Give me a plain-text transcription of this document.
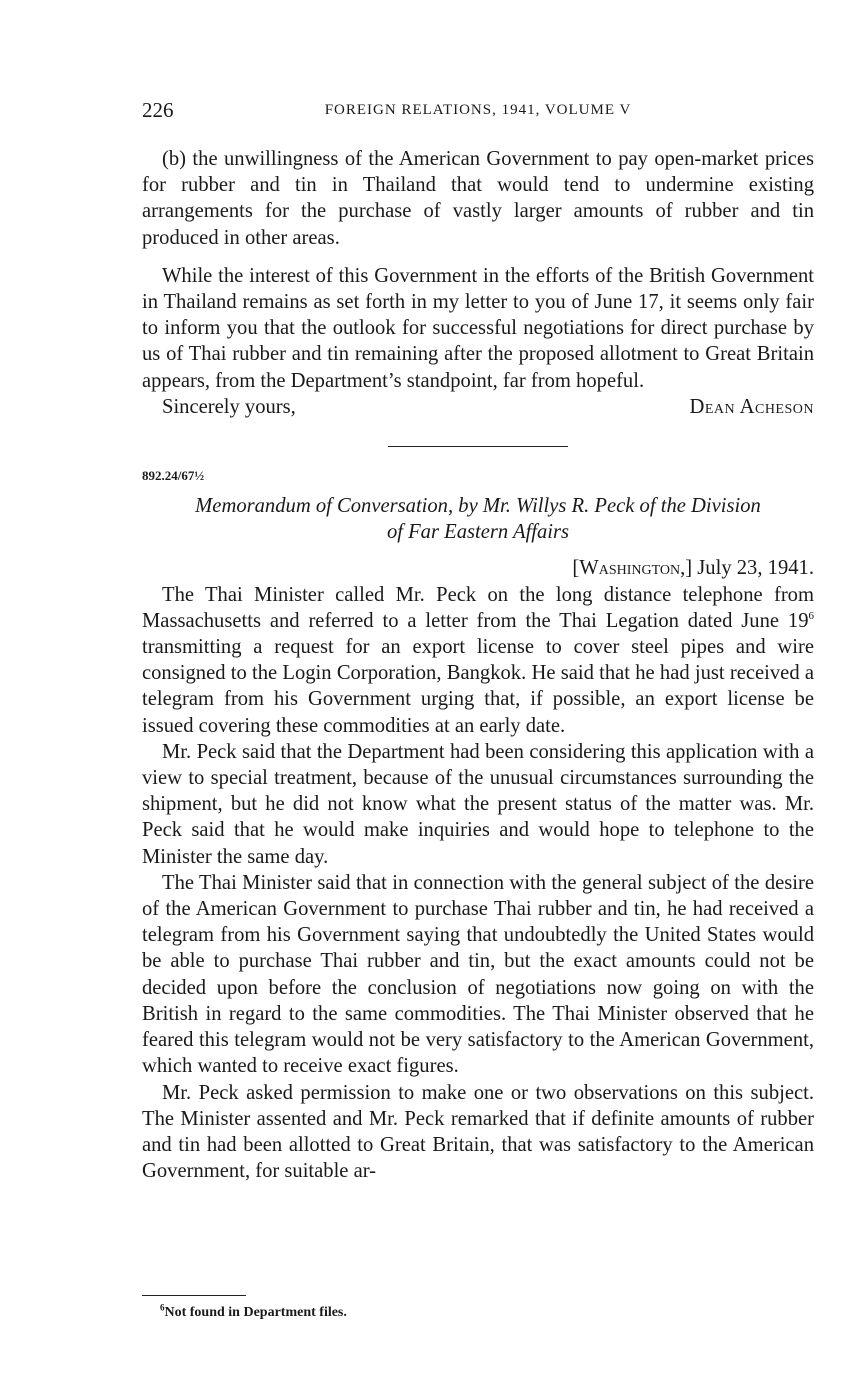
226	FOREIGN RELATIONS, 1941, VOLUME V

(b) the unwillingness of the American Government to pay open-market prices for rubber and tin in Thailand that would tend to undermine existing arrangements for the purchase of vastly larger amounts of rubber and tin produced in other areas.

While the interest of this Government in the efforts of the British Government in Thailand remains as set forth in my letter to you of June 17, it seems only fair to inform you that the outlook for successful negotiations for direct purchase by us of Thai rubber and tin remaining after the proposed allotment to Great Britain appears, from the Department’s standpoint, far from hopeful.

Sincerely yours,	Dean Acheson
892.24/67½
Memorandum of Conversation, by Mr. Willys R. Peck of the Division
of Far Eastern Affairs
[Washington,] July 23, 1941.

The Thai Minister called Mr. Peck on the long distance telephone from Massachusetts and referred to a letter from the Thai Legation dated June $19^6$ transmitting a request for an export license to cover steel pipes and wire consigned to the Login Corporation, Bangkok. He said that he had just received a telegram from his Government urging that, if possible, an export license be issued covering these commodities at an early date.

Mr. Peck said that the Department had been considering this application with a view to special treatment, because of the unusual circumstances surrounding the shipment, but he did not know what the present status of the matter was. Mr. Peck said that he would make inquiries and would hope to telephone to the Minister the same day.

The Thai Minister said that in connection with the general subject of the desire of the American Government to purchase Thai rubber and tin, he had received a telegram from his Government saying that undoubtedly the United States would be able to purchase Thai rubber and tin, but the exact amounts could not be decided upon before the conclusion of negotiations now going on with the British in regard to the same commodities. The Thai Minister observed that he feared this telegram would not be very satisfactory to the American Government, which wanted to receive exact figures.

Mr. Peck asked permission to make one or two observations on this subject. The Minister assented and Mr. Peck remarked that if definite amounts of rubber and tin had been allotted to Great Britain, that was satisfactory to the American Government, for suitable ar-

$^6$Not found in Department files.
